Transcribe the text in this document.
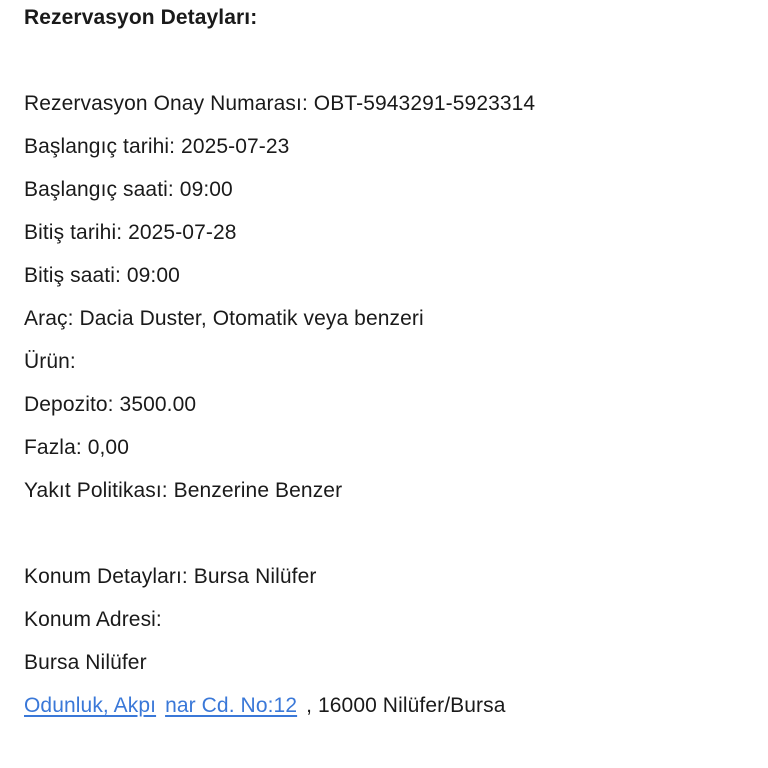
Rezervasyon Detayları:
Rezervasyon Onay Numarası: OBT-5943291-5923314
Başlangıç tarihi: 2025-07-23
Başlangıç saati: 09:00
Bitiş tarihi: 2025-07-28
Bitiş saati: 09:00
Araç: Dacia Duster, Otomatik veya benzeri
Ürün:
Depozito: 3500.00
Fazla: 0,00
Yakıt Politikası: Benzerine Benzer
Konum Detayları: Bursa Nilüfer
Konum Adresi:
Bursa Nilüfer
Odunluk, Akpı nar Cd. No:12 , 16000 Nilüfer/Bursa
